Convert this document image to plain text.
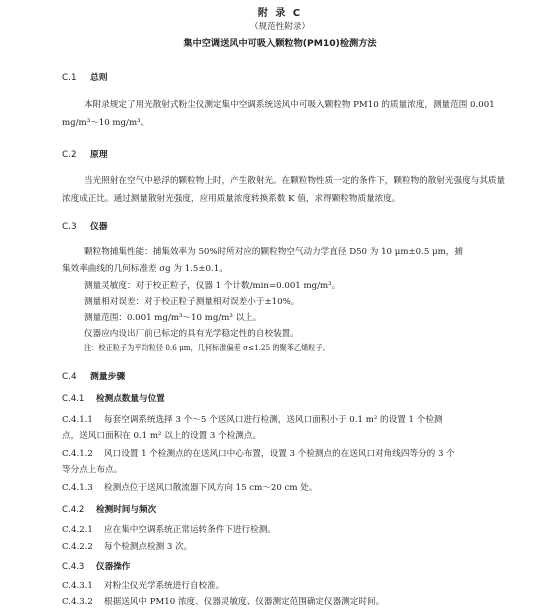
附 录 C
（规范性附录）
集中空调送风中可吸入颗粒物(PM10)检测方法
C.1 总则
本附录规定了用光散射式粉尘仪测定集中空调系统送风中可吸入颗粒物 PM10 的质量浓度，测量范围 0.001 mg/m³～10 mg/m³。
C.2 原理
当光照射在空气中悬浮的颗粒物上时，产生散射光。在颗粒物性质一定的条件下，颗粒物的散射光强度与其质量浓度成正比。通过测量散射光强度，应用质量浓度转换系数 K 值，求得颗粒物质量浓度。
C.3 仪器
颗粒物捕集性能：捕集效率为 50%时所对应的颗粒物空气动力学直径 D50 为 10 μm±0.5 μm，捕
集效率曲线的几何标准差 σg 为 1.5±0.1。
测量灵敏度：对于校正粒子，仪器 1 个计数/min=0.001 mg/m³。
测量相对误差：对于校正粒子测量相对误差小于±10%。
测量范围：0.001 mg/m³～10 mg/m³ 以上。
仪器应内设出厂前已标定的具有光学稳定性的自校装置。
注：校正粒子为平均粒径 0.6 μm，几何标准偏差 σ≤1.25 的聚苯乙烯粒子。
C.4 测量步骤
C.4.1 检测点数量与位置
C.4.1.1 每套空调系统选择 3 个～5 个送风口进行检测，送风口面积小于 0.1 m² 的设置 1 个检测
点，送风口面积在 0.1 m² 以上的设置 3 个检测点。
C.4.1.2 风口设置 1 个检测点的在送风口中心布置，设置 3 个检测点的在送风口对角线四等分的 3 个
等分点上布点。
C.4.1.3 检测点位于送风口散流器下风方向 15 cm～20 cm 处。
C.4.2 检测时间与频次
C.4.2.1 应在集中空调系统正常运转条件下进行检测。
C.4.2.2 每个检测点检测 3 次。
C.4.3 仪器操作
C.4.3.1 对粉尘仪光学系统进行自校准。
C.4.3.2 根据送风中 PM10 浓度、仪器灵敏度、仪器测定范围确定仪器测定时间。
